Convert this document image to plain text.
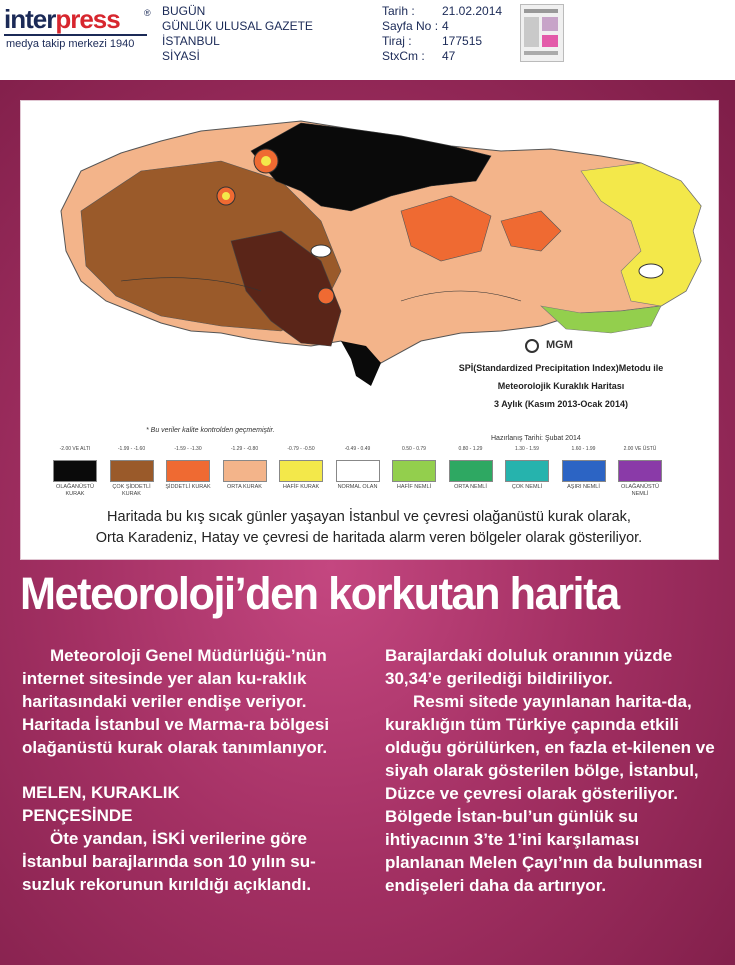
interpress	®
medya takip merkezi 1940
BUGÜN
GÜNLÜK ULUSAL GAZETE
İSTANBUL
SİYASİ
Tarih :	21.02.2014
Sayfa No : 4
Tiraj :	177515
StxCm :	47
MGM
SPİ(Standardized Precipitation Index)Metodu ile
Meteorolojik Kuraklık Haritası
3 Aylık (Kasım 2013-Ocak 2014)
Hazırlanış Tarihi: Şubat 2014
* Bu veriler kalite kontrolden geçmemiştir.
-2.00 VE ALTI
OLAĞANÜSTÜ KURAK
-1.99 - -1.60
ÇOK ŞİDDETLİ KURAK
-1.59 - -1.30
ŞİDDETLİ KURAK
-1.29 - -0.80
ORTA KURAK
-0.79 - -0.50
HAFİF KURAK
-0.49 - 0.49
NORMAL OLAN
0.50 - 0.79
HAFİF NEMLİ
0.80 - 1.29
ORTA NEMLİ
1.30 - 1.59
ÇOK NEMLİ
1.60 - 1.99
AŞIRI NEMLİ
2.00 VE ÜSTÜ
OLAĞANÜSTÜ NEMLİ
Haritada bu kış sıcak günler yaşayan İstanbul ve çevresi olağanüstü kurak olarak,
Orta Karadeniz, Hatay ve çevresi de haritada alarm veren bölgeler olarak gösteriliyor.
Meteoroloji’den korkutan harita

Meteoroloji Genel Müdürlüğü-’nün internet sitesinde yer alan ku-raklık haritasındaki veriler endişe veriyor. Haritada İstanbul ve Marma-ra bölgesi olağanüstü kurak olarak tanımlanıyor.

MELEN, KURAKLIK
PENÇESİNDE

Öte yandan, İSKİ verilerine göre İstanbul barajlarında son 10 yılın su-suzluk rekorunun kırıldığı açıklandı.

Barajlardaki doluluk oranının yüzde 30,34’e gerilediği bildiriliyor.

Resmi sitede yayınlanan harita-da, kuraklığın tüm Türkiye çapında etkili olduğu görülürken, en fazla et-kilenen ve siyah olarak gösterilen bölge, İstanbul, Düzce ve çevresi olarak gösteriliyor. Bölgede İstan-bul’un günlük su ihtiyacının 3’te 1’ini karşılaması planlanan Melen Çayı’nın da bulunması endişeleri daha da artırıyor.
